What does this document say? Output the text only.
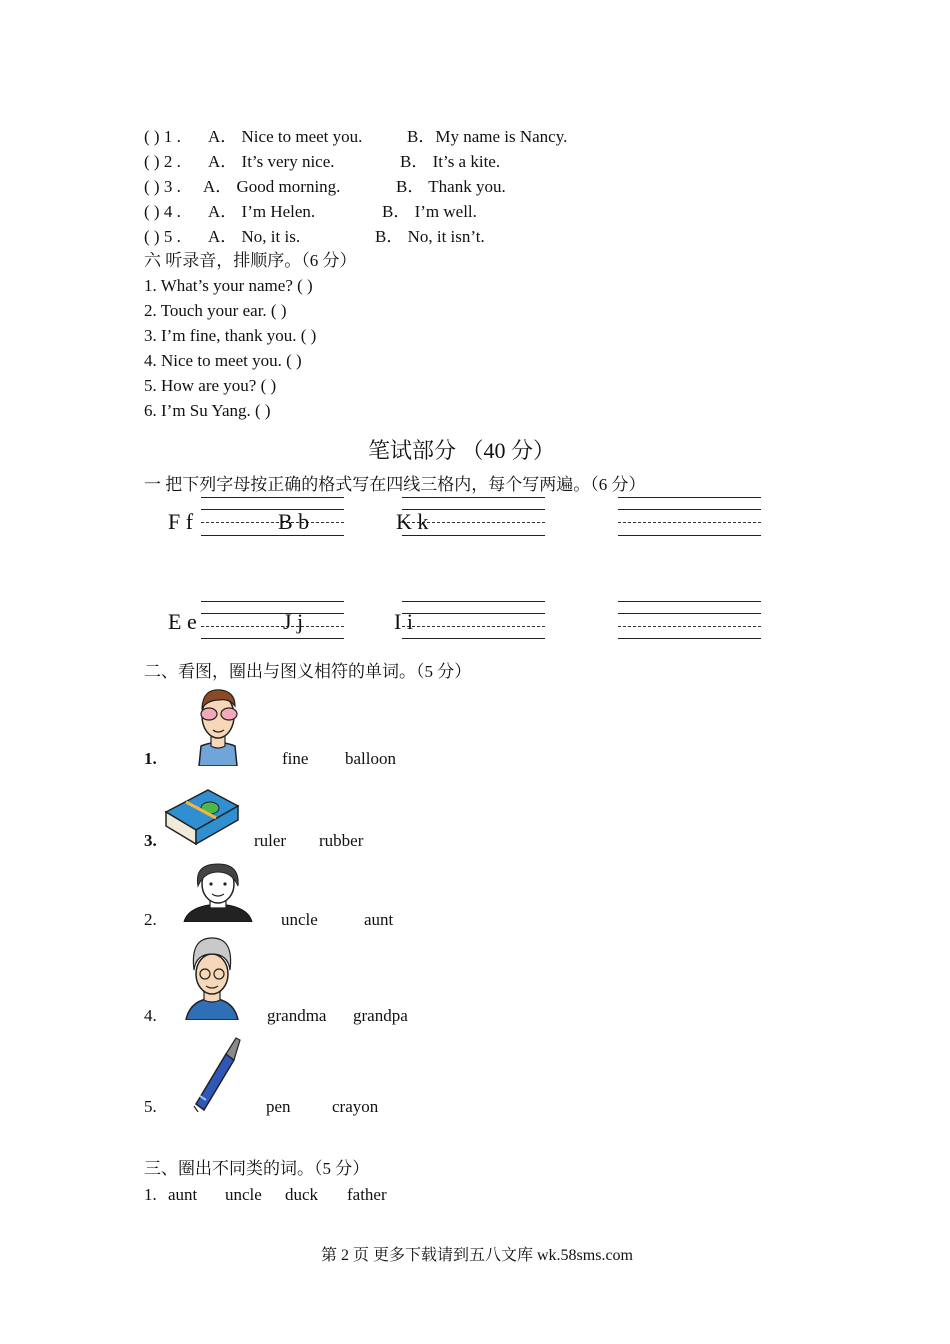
( ) 1 . A． Nice to meet you.	B．My name is Nancy.
( ) 2 . A． It’s very nice.	B． It’s a kite.
( ) 3 . A． Good morning.	B． Thank you.
( ) 4 . A． I’m Helen.	B． I’m well.
( ) 5 . A． No, it is.	B． No, it isn’t.
六 听录音，排顺序。（6 分）
1. What’s your name? ( )
2. Touch your ear. ( )
3. I’m fine, thank you. ( )
4. Nice to meet you. ( )
5. How are you? ( )
6. I’m Su Yang. ( )
笔试部分 （40 分）
一 把下列字母按正确的格式写在四线三格内，每个写两遍。（6 分）
F f	B b	K k
E e	J j	I i
二、看图，圈出与图义相符的单词。（5 分）
1.	fine balloon
3.	ruler rubber
2.	uncle	aunt
4.	grandma grandpa
5.	pen crayon
三、圈出不同类的词。（5 分）
1. aunt uncle duck father
第 2 页 更多下载请到五八文库 wk.58sms.com
